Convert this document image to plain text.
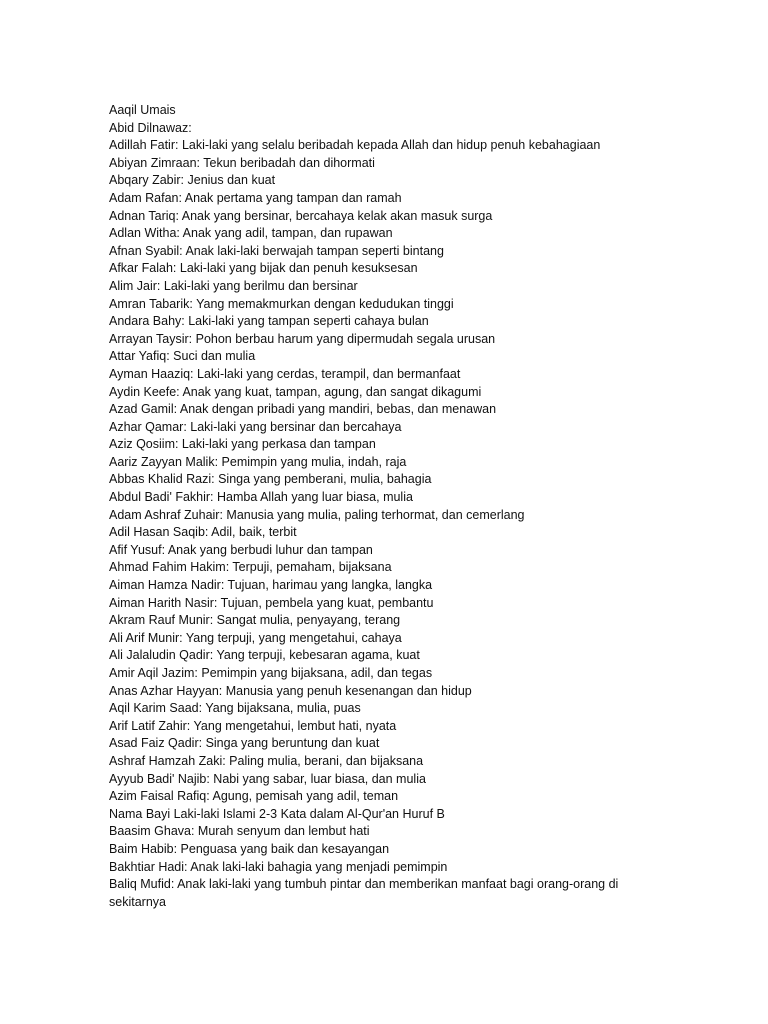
Aaqil Umais
Abid Dilnawaz:
Adillah Fatir: Laki-laki yang selalu beribadah kepada Allah dan hidup penuh kebahagiaan
Abiyan Zimraan: Tekun beribadah dan dihormati
Abqary Zabir: Jenius dan kuat
Adam Rafan: Anak pertama yang tampan dan ramah
Adnan Tariq: Anak yang bersinar, bercahaya kelak akan masuk surga
Adlan Witha: Anak yang adil, tampan, dan rupawan
Afnan Syabil: Anak laki-laki berwajah tampan seperti bintang
Afkar Falah: Laki-laki yang bijak dan penuh kesuksesan
Alim Jair: Laki-laki yang berilmu dan bersinar
Amran Tabarik: Yang memakmurkan dengan kedudukan tinggi
Andara Bahy: Laki-laki yang tampan seperti cahaya bulan
Arrayan Taysir: Pohon berbau harum yang dipermudah segala urusan
Attar Yafiq: Suci dan mulia
Ayman Haaziq: Laki-laki yang cerdas, terampil, dan bermanfaat
Aydin Keefe: Anak yang kuat, tampan, agung, dan sangat dikagumi
Azad Gamil: Anak dengan pribadi yang mandiri, bebas, dan menawan
Azhar Qamar: Laki-laki yang bersinar dan bercahaya
Aziz Qosiim: Laki-laki yang perkasa dan tampan
Aariz Zayyan Malik: Pemimpin yang mulia, indah, raja
Abbas Khalid Razi: Singa yang pemberani, mulia, bahagia
Abdul Badi' Fakhir: Hamba Allah yang luar biasa, mulia
Adam Ashraf Zuhair: Manusia yang mulia, paling terhormat, dan cemerlang
Adil Hasan Saqib: Adil, baik, terbit
Afif Yusuf: Anak yang berbudi luhur dan tampan
Ahmad Fahim Hakim: Terpuji, pemaham, bijaksana
Aiman Hamza Nadir: Tujuan, harimau yang langka, langka
Aiman Harith Nasir: Tujuan, pembela yang kuat, pembantu
Akram Rauf Munir: Sangat mulia, penyayang, terang
Ali Arif Munir: Yang terpuji, yang mengetahui, cahaya
Ali Jalaludin Qadir: Yang terpuji, kebesaran agama, kuat
Amir Aqil Jazim: Pemimpin yang bijaksana, adil, dan tegas
Anas Azhar Hayyan: Manusia yang penuh kesenangan dan hidup
Aqil Karim Saad: Yang bijaksana, mulia, puas
Arif Latif Zahir: Yang mengetahui, lembut hati, nyata
Asad Faiz Qadir: Singa yang beruntung dan kuat
Ashraf Hamzah Zaki: Paling mulia, berani, dan bijaksana
Ayyub Badi' Najib: Nabi yang sabar, luar biasa, dan mulia
Azim Faisal Rafiq: Agung, pemisah yang adil, teman
Nama Bayi Laki-laki Islami 2-3 Kata dalam Al-Qur'an Huruf B
Baasim Ghava: Murah senyum dan lembut hati
Baim Habib: Penguasa yang baik dan kesayangan
Bakhtiar Hadi: Anak laki-laki bahagia yang menjadi pemimpin
Baliq Mufid: Anak laki-laki yang tumbuh pintar dan memberikan manfaat bagi orang-orang di sekitarnya
